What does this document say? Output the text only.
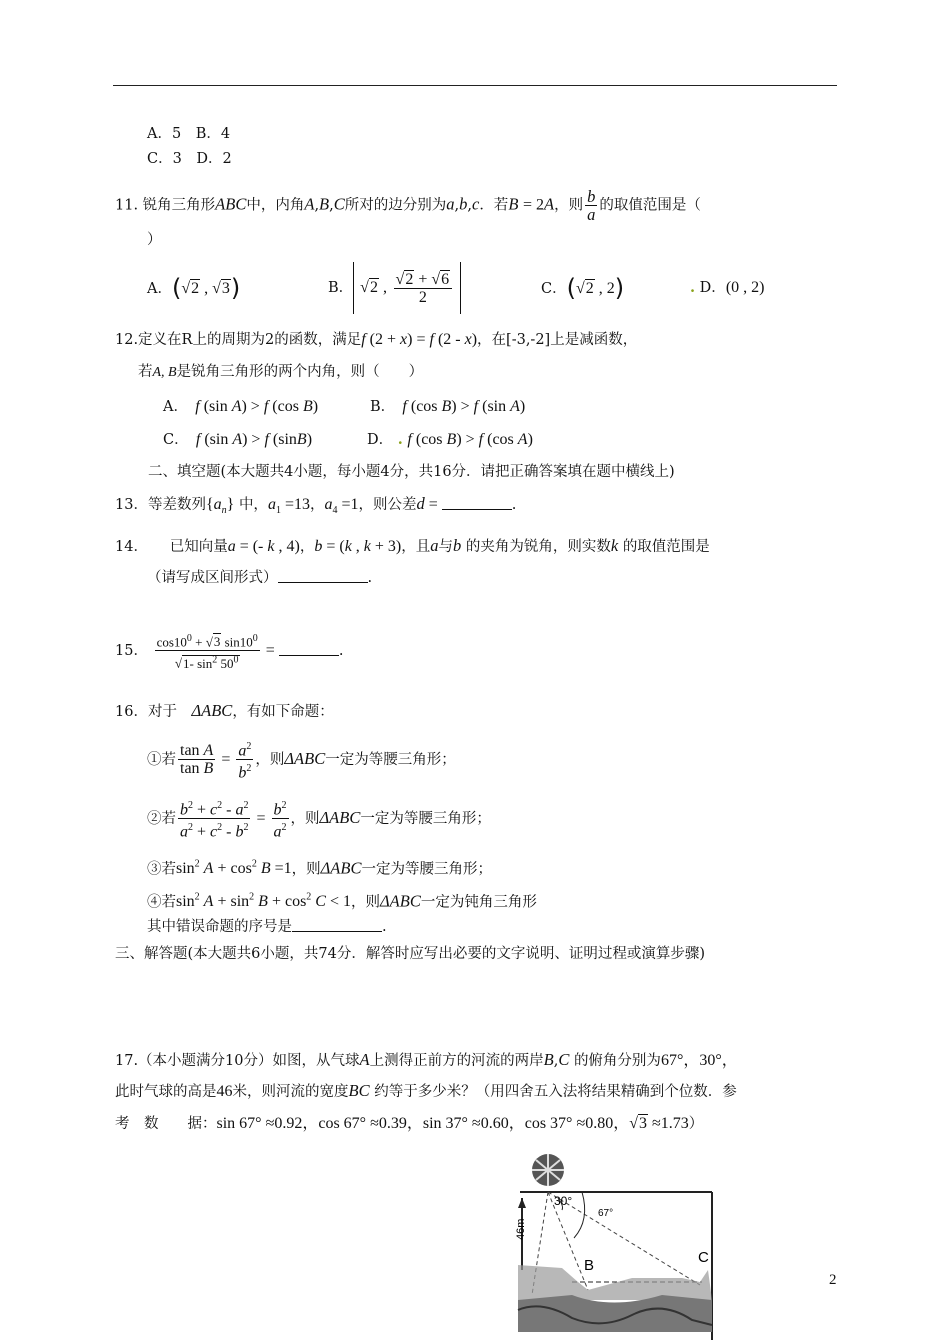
A．5　B．4
C．3　D．2
11. 锐角三角形ABC中，内角A,B,C所对的边分别为a,b,c．若B = 2A，则 $\frac{b}{a}$ 的取值范围是（
）
A．(√2 , √3)	B． √2 , $\frac{√2 + √6}{2}$	C．(√2 , 2)	. D．(0 , 2)
12.定义在R上的周期为2的函数，满足f (2 + x) = f (2 - x)，在[-3,-2]上是减函数，
若A, B是锐角三角形的两个内角，则（　　）
A．　 f (sin A) > f (cos B)	B．　 f (cos B) > f (sin A)
C．　 f (sin A) > f (sinB)	D． . f (cos B) > f (cos A)
二、填空题(本大题共4小题，每小题4分，共16分．请把正确答案填在题中横线上)
13．等差数列$\{a_n\}$ 中，$a_1 =13$，$a_4 =1$，则公差d =	.
14．　　 已知向量a = (- k , 4)，b = (k , k + 3)，且a与b 的夹角为锐角，则实数k 的取值范围是
（请写成区间形式）	.
15． $\frac{\cos 10^0 + √3 \sin 10^0}{√1- \sin^2 50^0}$ =	.
16．对于　 ΔABC，有如下命题：
①若 $\frac{\text{tan A}}{\text{tan B}} = \frac{a^2}{b^2}$ ，则ΔABC一定为等腰三角形；
②若 $\frac{b^2 + c^2 - a^2}{a^2 + c^2 - b^2} = \frac{b^2}{a^2}$ ，则ΔABC一定为等腰三角形；
③若$\sin^2 A + \cos^2 B =1$，则ΔABC一定为等腰三角形；
④若$\sin^2 A + \sin^2 B + \cos^2 C < 1$，则ΔABC一定为钝角三角形
其中错误命题的序号是	.
三、解答题(本大题共6小题，共74分．解答时应写出必要的文字说明、证明过程或演算步骤)
17.（本小题满分10分）如图，从气球A上测得正前方的河流的两岸B,C 的俯角分别为67°，30°，
此时气球的高是46米，则河流的宽度BC 约等于多少米？（用四舍五入法将结果精确到个位数．参
考　数　　据：sin 67° ≈0.92，cos 67° ≈0.39，sin 37° ≈0.60，cos 37° ≈0.80，√3 ≈1.73）
46m
30°
67°
B	C
2
